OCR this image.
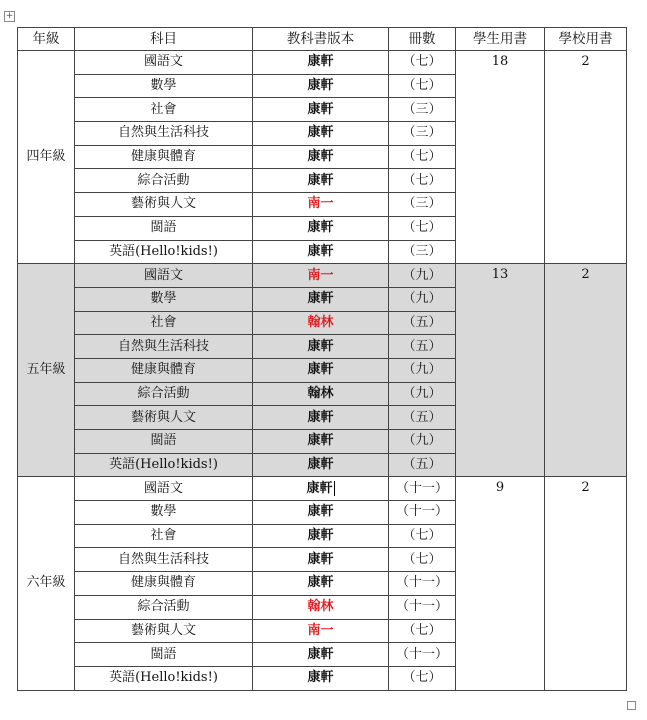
+
年級	科目	教科書版本	冊數	學生用書	學校用書
四年級	國語文	康軒	（七）	18	2
	數學	康軒	（七）		
	社會	康軒	（三）		
	自然與生活科技	康軒	（三）		
	健康與體育	康軒	（七）		
	綜合活動	康軒	（七）		
	藝術與人文	南一	（三）		
	閩語	康軒	（七）		
	英語(Hello!kids!)	康軒	（三）		
五年級	國語文	南一	（九）	13	2
	數學	康軒	（九）		
	社會	翰林	（五）		
	自然與生活科技	康軒	（五）		
	健康與體育	康軒	（九）		
	綜合活動	翰林	（九）		
	藝術與人文	康軒	（五）		
	閩語	康軒	（九）		
	英語(Hello!kids!)	康軒	（五）		
六年級	國語文	康軒	（十一）	9	2
	數學	康軒	（十一）		
	社會	康軒	（七）		
	自然與生活科技	康軒	（七）		
	健康與體育	康軒	（十一）		
	綜合活動	翰林	（十一）		
	藝術與人文	南一	（七）		
	閩語	康軒	（十一）		
	英語(Hello!kids!)	康軒	（七）		
